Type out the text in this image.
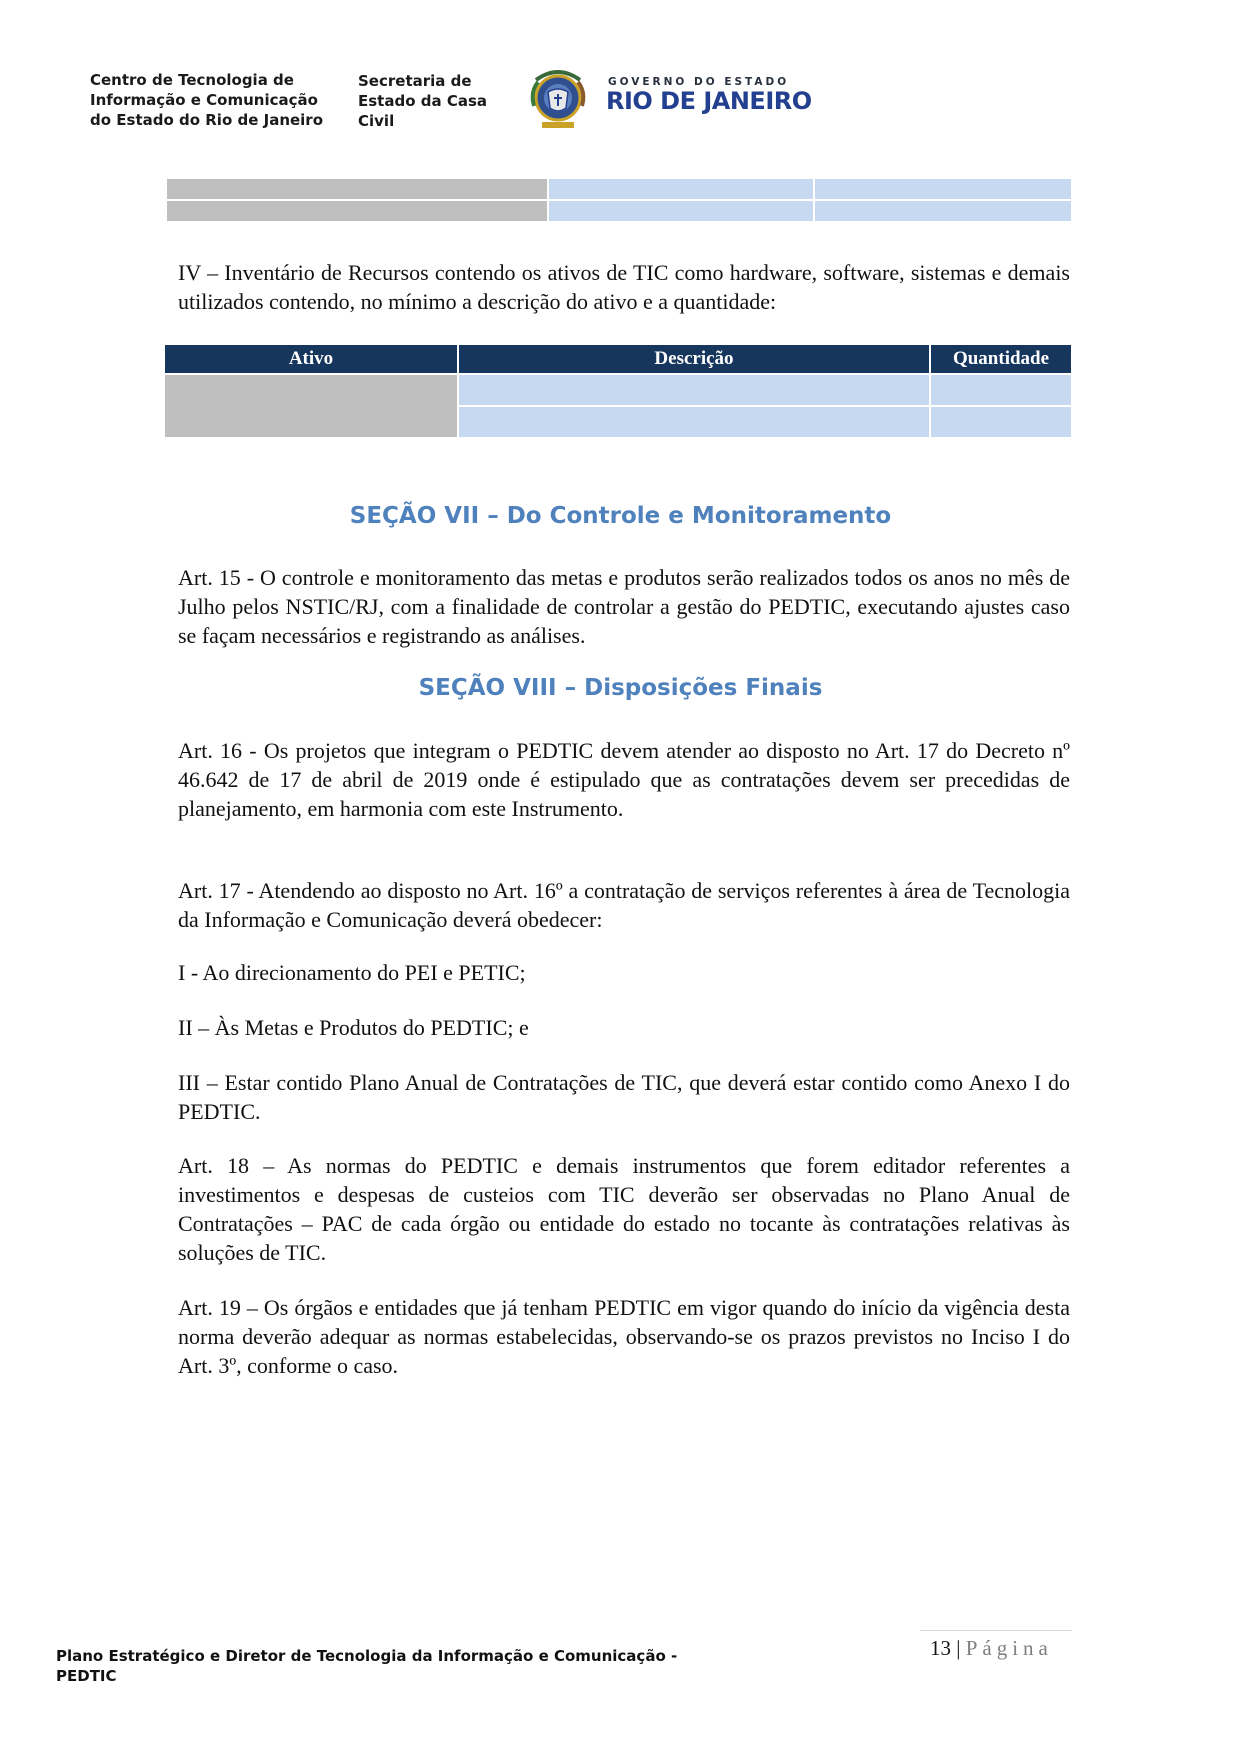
Centro de Tecnologia de
Informação e Comunicação
do Estado do Rio de Janeiro
Secretaria de
Estado da Casa
Civil
GOVERNO DO ESTADO
RIO DE JANEIRO

IV – Inventário de Recursos contendo os ativos de TIC como hardware, software, sistemas e demais utilizados contendo, no mínimo a descrição do ativo e a quantidade:

Ativo	Descrição	Quantidade

SEÇÃO VII – Do Controle e Monitoramento

Art. 15 - O controle e monitoramento das metas e produtos serão realizados todos os anos no mês de Julho pelos NSTIC/RJ, com a finalidade de controlar a gestão do PEDTIC, executando ajustes caso se façam necessários e registrando as análises.

SEÇÃO VIII – Disposições Finais

Art. 16 - Os projetos que integram o PEDTIC devem atender ao disposto no Art. 17 do Decreto nº 46.642 de 17 de abril de 2019 onde é estipulado que as contratações devem ser precedidas de planejamento, em harmonia com este Instrumento.

Art. 17 - Atendendo ao disposto no Art. 16º a contratação de serviços referentes à área de Tecnologia da Informação e Comunicação deverá obedecer:

I - Ao direcionamento do PEI e PETIC;

II – Às Metas e Produtos do PEDTIC; e

III – Estar contido Plano Anual de Contratações de TIC, que deverá estar contido como Anexo I do PEDTIC.

Art. 18 – As normas do PEDTIC e demais instrumentos que forem editador referentes a investimentos e despesas de custeios com TIC deverão ser observadas no Plano Anual de Contratações – PAC de cada órgão ou entidade do estado no tocante às contratações relativas às soluções de TIC.

Art. 19 – Os órgãos e entidades que já tenham PEDTIC em vigor quando do início da vigência desta norma deverão adequar as normas estabelecidas, observando-se os prazos previstos no Inciso I do Art. 3º, conforme o caso.

Plano Estratégico e Diretor de Tecnologia da Informação e Comunicação -
PEDTIC
13 | Página
